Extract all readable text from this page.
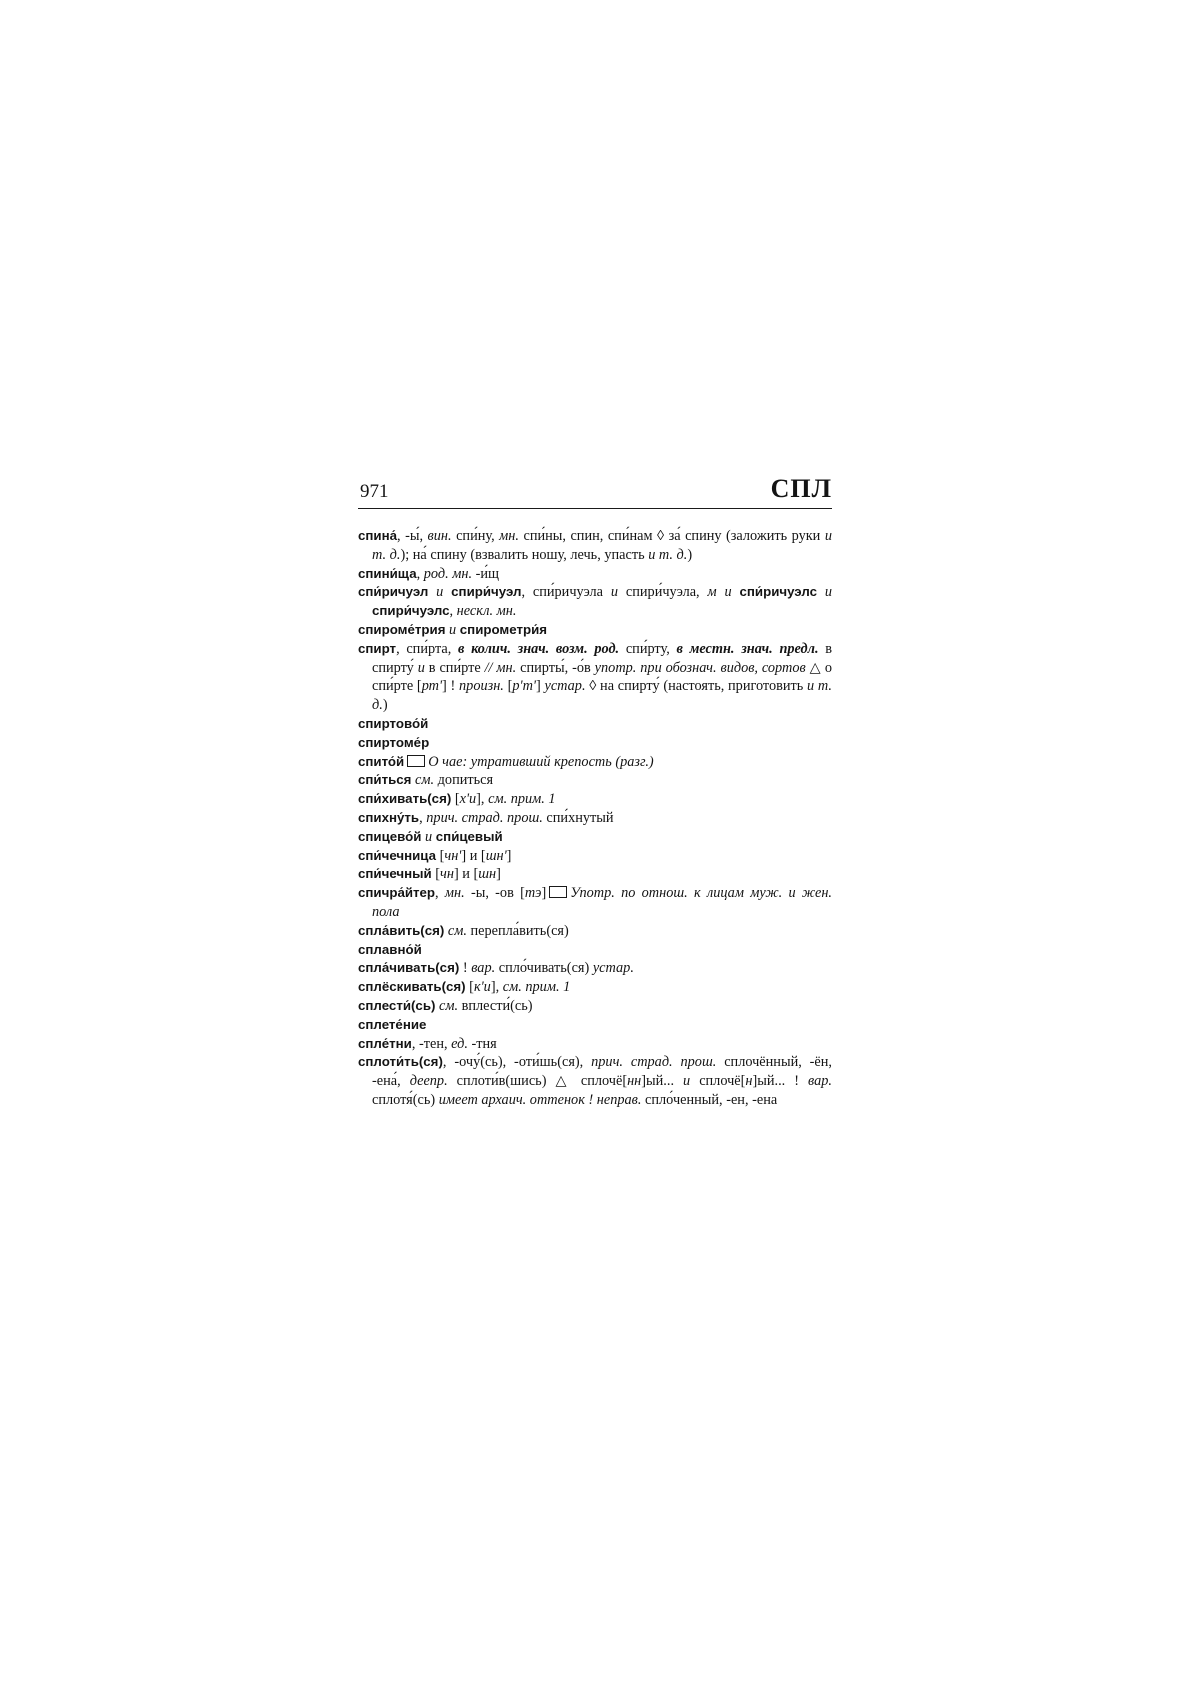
971	СПЛ
спина́, -ы́, вин. спи́ну, мн. спи́ны, спин, спи́нам ◊ за́ спину (заложить руки и т. д.); на́ спину (взвалить ношу, лечь, упасть и т. д.)
спини́ща, род. мн. -и́щ
спи́ричуэл и спири́чуэл, спи́ричуэла и спири́чуэла, м и спи́ричуэлс и спири́чуэлс, нескл. мн.
спироме́трия и спирометри́я
спирт, спи́рта, в колич. знач. возм. род. спи́рту, в местн. знач. предл. в спирту́ и в спи́рте // мн. спирты́, -о́в употр. при обознач. видов, сортов △ о спи́рте [рт'] ! произн. [р'т'] устар. ◊ на спирту́ (настоять, приготовить и т. д.)
спиртово́й
спиртоме́р
спито́й О чае: утративший крепость (разг.)
спи́ться см. допиться
спи́хивать(ся) [х'и], см. прим. 1
спихну́ть, прич. страд. прош. спи́хнутый
спицево́й и спи́цевый
спи́чечница [чн'] и [шн']
спи́чечный [чн] и [шн]
спичра́йтер, мн. -ы, -ов [тэ] Употр. по отнош. к лицам муж. и жен. пола
спла́вить(ся) см. перепла́вить(ся)
сплавно́й
спла́чивать(ся) ! вар. спло́чивать(ся) устар.
сплёскивать(ся) [к'и], см. прим. 1
сплести́(сь) см. вплести́(сь)
сплете́ние
спле́тни, -тен, ед. -тня
сплоти́ть(ся), -очу́(сь), -оти́шь(ся), прич. страд. прош. сплочённый, -ён, -ена́, деепр. сплоти́в(шись) △ сплочё[нн]ый... и сплочё[н]ый... ! вар. сплотя́(сь) имеет архаич. оттенок ! неправ. спло́ченный, -ен, -ена
